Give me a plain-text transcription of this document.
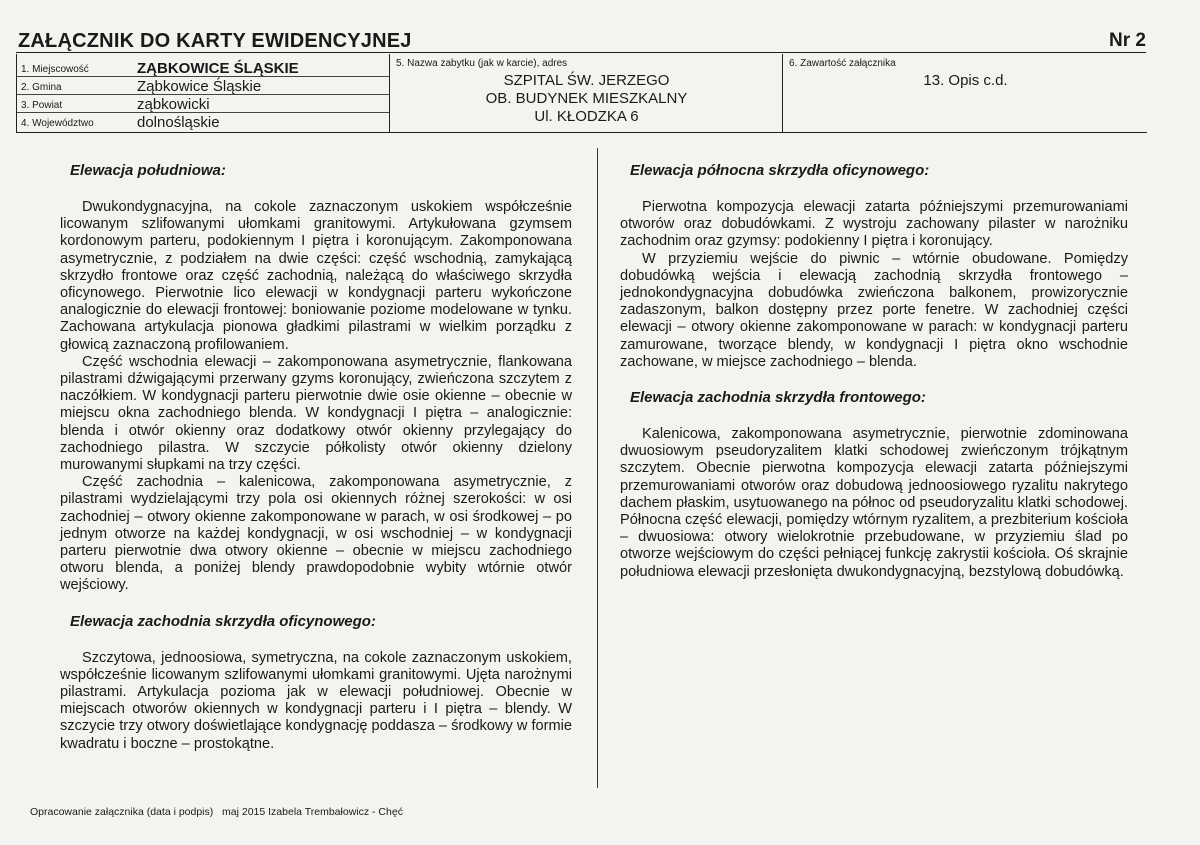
ZAŁĄCZNIK DO KARTY EWIDENCYJNEJ	Nr 2
1. Miejscowość	ZĄBKOWICE ŚLĄSKIE
2. Gmina	Ząbkowice Śląskie
3. Powiat	ząbkowicki
4. Województwo	dolnośląskie
5. Nazwa zabytku (jak w karcie), adres
SZPITAL ŚW. JERZEGO
OB. BUDYNEK MIESZKALNY
Ul. KŁODZKA 6
6. Zawartość załącznika
13. Opis c.d.
Elewacja południowa:

Dwukondygnacyjna, na cokole zaznaczonym uskokiem współcześnie licowanym szlifowanymi ułomkami granitowymi. Artykułowana gzymsem kordonowym parteru, podokiennym I piętra i koronującym. Zakomponowana asymetrycznie, z podziałem na dwie części: część wschodnią, zamykającą skrzydło frontowe oraz część zachodnią, należącą do właściwego skrzydła oficynowego. Pierwotnie lico elewacji w kondygnacji parteru wykończone analogicznie do elewacji frontowej: boniowanie poziome modelowane w tynku. Zachowana artykulacja pionowa gładkimi pilastrami w wielkim porządku z głowicą zaznaczoną profilowaniem.

Część wschodnia elewacji – zakomponowana asymetrycznie, flankowana pilastrami dźwigającymi przerwany gzyms koronujący, zwieńczona szczytem z naczółkiem. W kondygnacji parteru pierwotnie dwie osie okienne – obecnie w miejscu okna zachodniego blenda. W kondygnacji I piętra – analogicznie: blenda i otwór okienny oraz dodatkowy otwór okienny przylegający do zachodniego pilastra. W szczycie półkolisty otwór okienny dzielony murowanymi słupkami na trzy części.

Część zachodnia – kalenicowa, zakomponowana asymetrycznie, z pilastrami wydzielającymi trzy pola osi okiennych różnej szerokości: w osi zachodniej – otwory okienne zakomponowane w parach, w osi środkowej – po jednym otworze na każdej kondygnacji, w osi wschodniej – w kondygnacji parteru pierwotnie dwa otwory okienne – obecnie w miejscu zachodniego otworu blenda, a poniżej blendy prawdopodobnie wybity wtórnie otwór wejściowy.

Elewacja zachodnia skrzydła oficynowego:

Szczytowa, jednoosiowa, symetryczna, na cokole zaznaczonym uskokiem, współcześnie licowanym szlifowanymi ułomkami granitowymi. Ujęta narożnymi pilastrami. Artykulacja pozioma jak w elewacji południowej. Obecnie w miejscach otworów okiennych w kondygnacji parteru i I piętra – blendy. W szczycie trzy otwory doświetlające kondygnację poddasza – środkowy w formie kwadratu i boczne – prostokątne.

Elewacja północna skrzydła oficynowego:

Pierwotna kompozycja elewacji zatarta późniejszymi przemurowaniami otworów oraz dobudówkami. Z wystroju zachowany pilaster w narożniku zachodnim oraz gzymsy: podokienny I piętra i koronujący.

W przyziemiu wejście do piwnic – wtórnie obudowane. Pomiędzy dobudówką wejścia i elewacją zachodnią skrzydła frontowego – jednokondygnacyjna dobudówka zwieńczona balkonem, prowizorycznie zadaszonym, balkon dostępny przez porte fenetre. W zachodniej części elewacji – otwory okienne zakomponowane w parach: w kondygnacji parteru zamurowane, tworzące blendy, w kondygnacji I piętra okno wschodnie zachowane, w miejsce zachodniego – blenda.

Elewacja zachodnia skrzydła frontowego:

Kalenicowa, zakomponowana asymetrycznie, pierwotnie zdominowana dwuosiowym pseudoryzalitem klatki schodowej zwieńczonym trójkątnym szczytem. Obecnie pierwotna kompozycja elewacji zatarta późniejszymi przemurowaniami otworów oraz dobudową jednoosiowego ryzalitu nakrytego dachem płaskim, usytuowanego na północ od pseudoryzalitu klatki schodowej. Północna część elewacji, pomiędzy wtórnym ryzalitem, a prezbiterium kościoła – dwuosiowa: otwory wielokrotnie przebudowane, w przyziemiu ślad po otworze wejściowym do części pełniącej funkcję zakrystii kościoła. Oś skrajnie południowa elewacji przesłonięta dwukondygnacyjną, bezstylową dobudówką.

Opracowanie załącznika (data i podpis) maj 2015 Izabela Trembałowicz - Chęć
